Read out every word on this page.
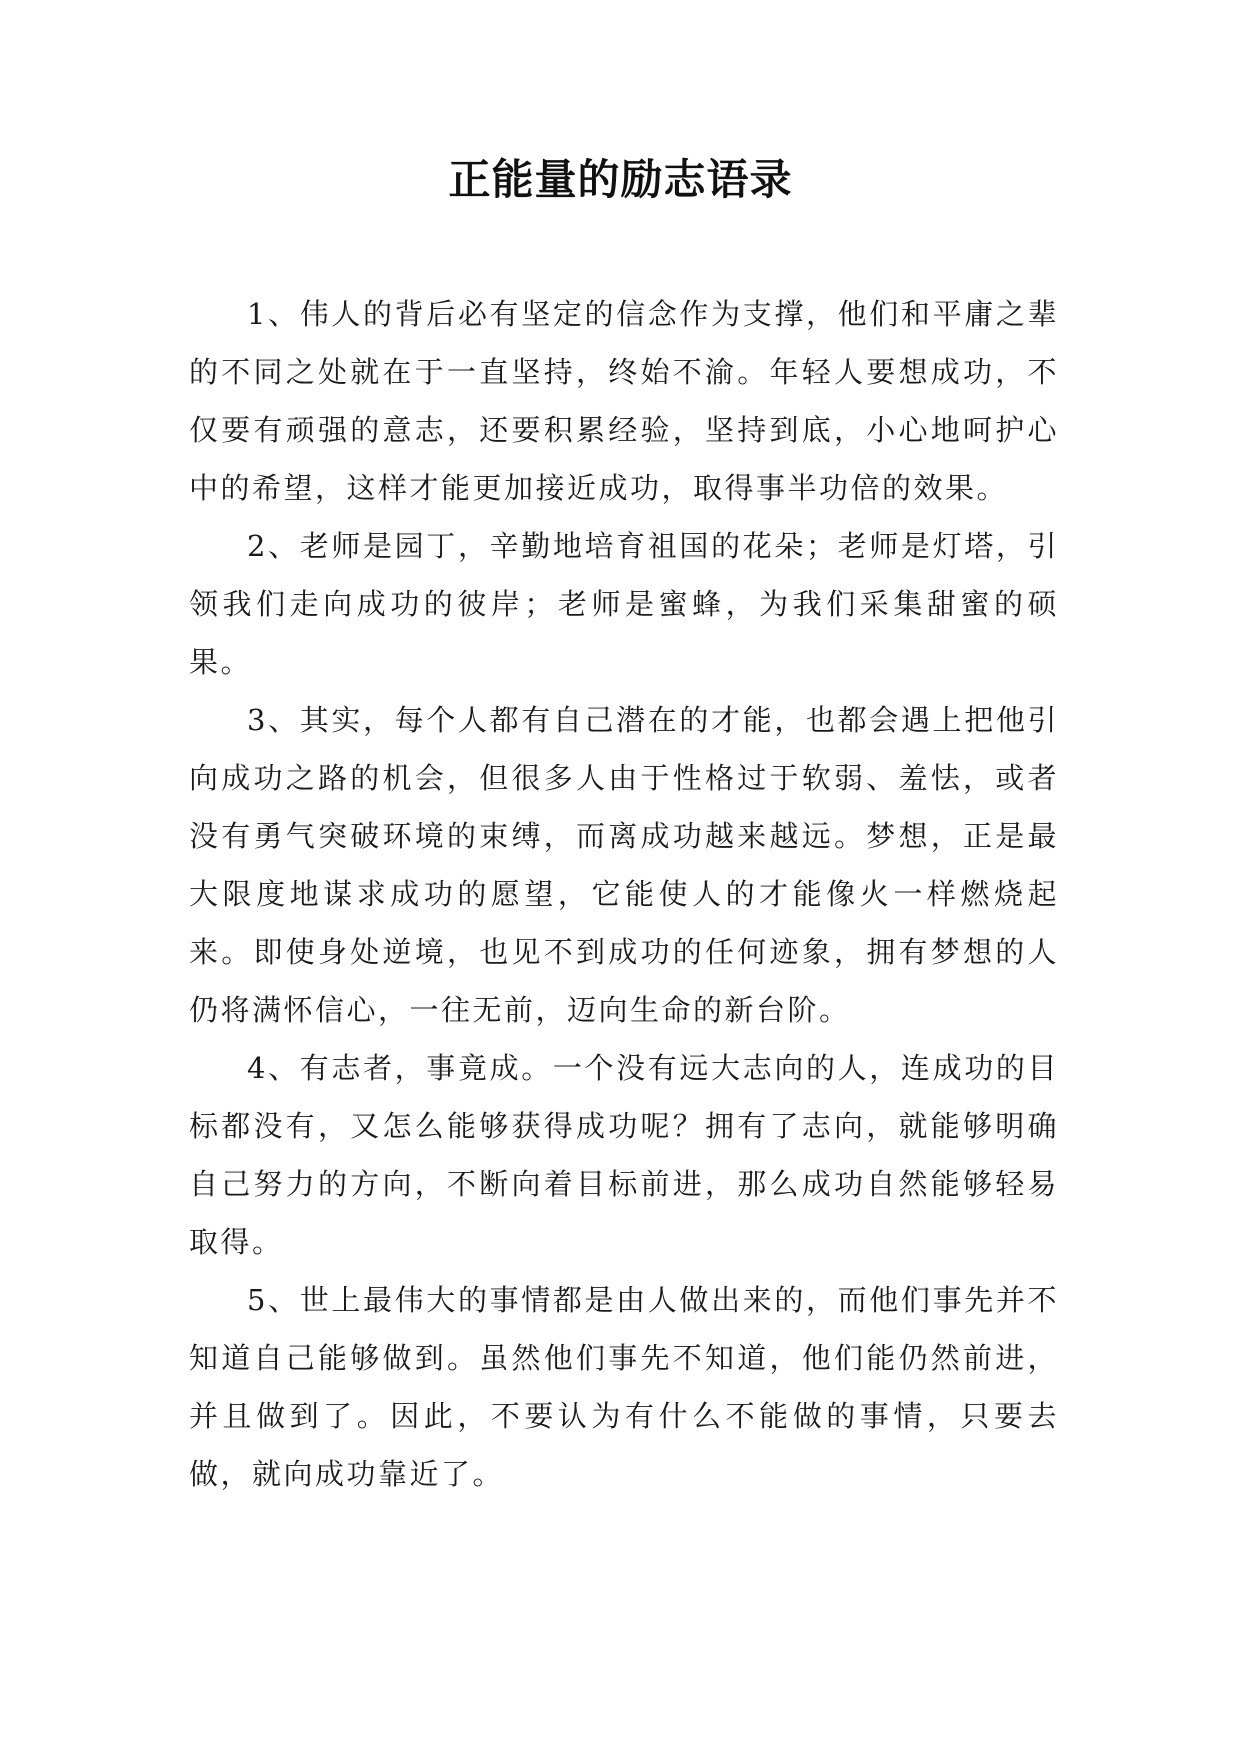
正能量的励志语录

1、伟人的背后必有坚定的信念作为支撑，他们和平庸之辈的不同之处就在于一直坚持，终始不渝。年轻人要想成功，不仅要有顽强的意志，还要积累经验，坚持到底，小心地呵护心中的希望，这样才能更加接近成功，取得事半功倍的效果。

2、老师是园丁，辛勤地培育祖国的花朵；老师是灯塔，引领我们走向成功的彼岸；老师是蜜蜂，为我们采集甜蜜的硕果。

3、其实，每个人都有自己潜在的才能，也都会遇上把他引向成功之路的机会，但很多人由于性格过于软弱、羞怯，或者没有勇气突破环境的束缚，而离成功越来越远。梦想，正是最大限度地谋求成功的愿望，它能使人的才能像火一样燃烧起来。即使身处逆境，也见不到成功的任何迹象，拥有梦想的人仍将满怀信心，一往无前，迈向生命的新台阶。

4、有志者，事竟成。一个没有远大志向的人，连成功的目标都没有，又怎么能够获得成功呢？拥有了志向，就能够明确自己努力的方向，不断向着目标前进，那么成功自然能够轻易取得。

5、世上最伟大的事情都是由人做出来的，而他们事先并不知道自己能够做到。虽然他们事先不知道，他们能仍然前进，并且做到了。因此，不要认为有什么不能做的事情，只要去做，就向成功靠近了。
